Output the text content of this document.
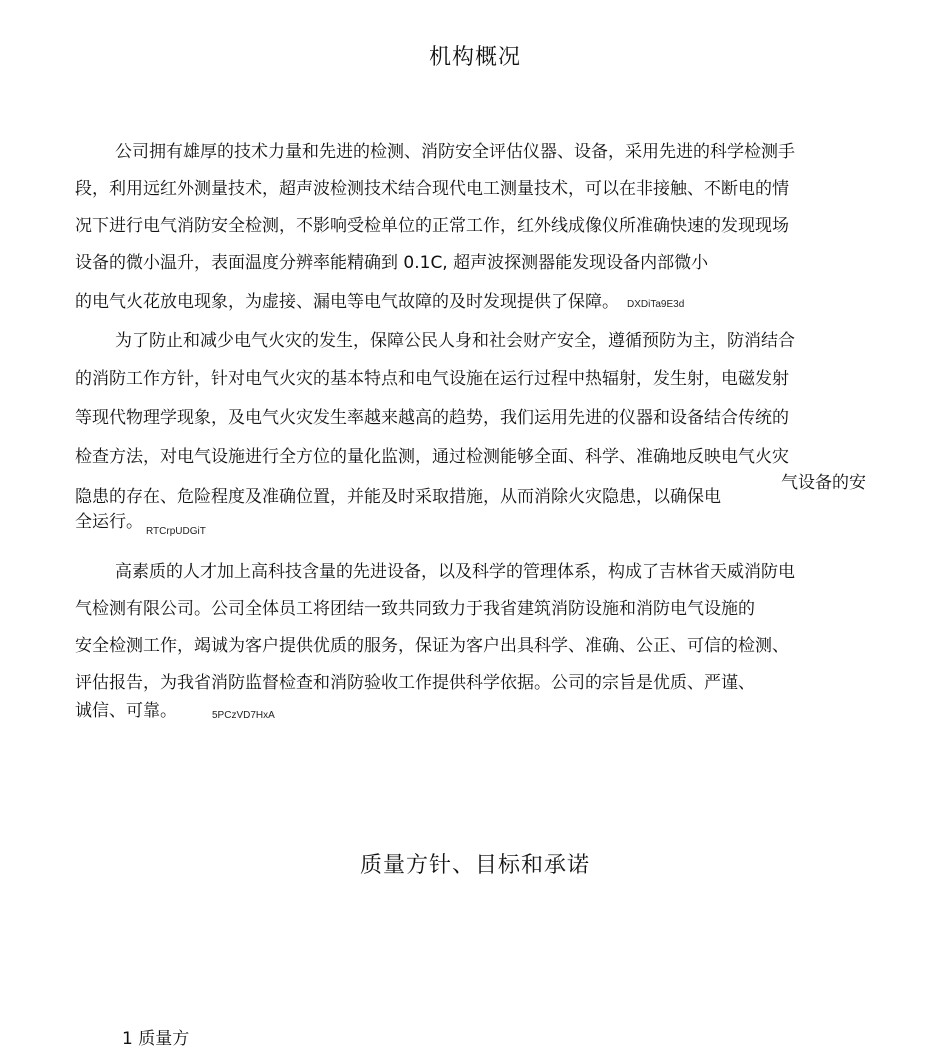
机构概况
公司拥有雄厚的技术力量和先进的检测、消防安全评估仪器、设备，采用先进的科学检测手
段，利用远红外测量技术，超声波检测技术结合现代电工测量技术，可以在非接触、不断电的情
况下进行电气消防安全检测，不影响受检单位的正常工作，红外线成像仪所准确快速的发现现场
设备的微小温升，表面温度分辨率能精确到 0.1C, 超声波探测器能发现设备内部微小
的电气火花放电现象，为虚接、漏电等电气故障的及时发现提供了保障。 DXDiTa9E3d
为了防止和减少电气火灾的发生，保障公民人身和社会财产安全，遵循预防为主，防消结合
的消防工作方针，针对电气火灾的基本特点和电气设施在运行过程中热辐射，发生射，电磁发射
等现代物理学现象，及电气火灾发生率越来越高的趋势，我们运用先进的仪器和设备结合传统的
检查方法，对电气设施进行全方位的量化监测，通过检测能够全面、科学、准确地反映电气火灾
隐患的存在、危险程度及准确位置，并能及时采取措施，从而消除火灾隐患，以确保电
气设备的安
全运行。 RTCrpUDGiT
高素质的人才加上高科技含量的先进设备，以及科学的管理体系，构成了吉林省天威消防电
气检测有限公司。公司全体员工将团结一致共同致力于我省建筑消防设施和消防电气设施的
安全检测工作，竭诚为客户提供优质的服务，保证为客户出具科学、准确、公正、可信的检测、
评估报告，为我省消防监督检查和消防验收工作提供科学依据。公司的宗旨是优质、严谨、
诚信、可靠。	5PCzVD7HxA
质量方针、目标和承诺
1 质量方
